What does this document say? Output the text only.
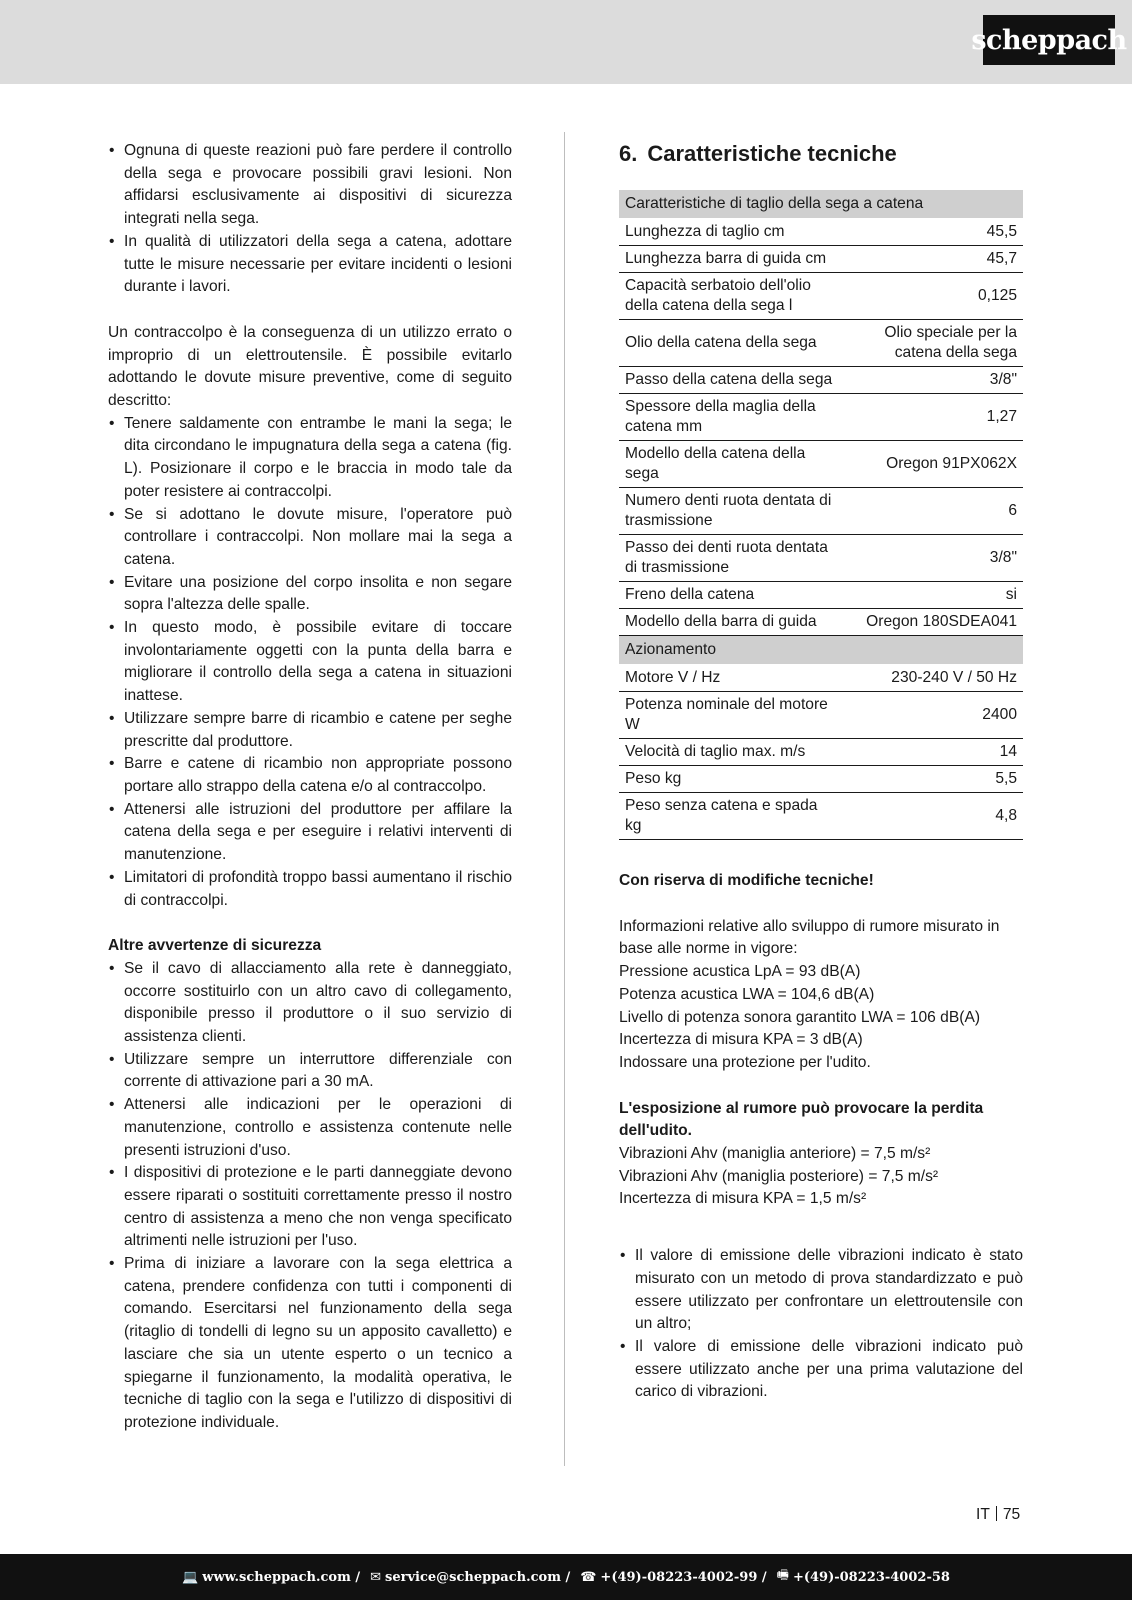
scheppach
• Ognuna di queste reazioni può fare perdere il controllo della sega e provocare possibili gravi lesioni. Non affidarsi esclusivamente ai dispositivi di sicurezza integrati nella sega.
• In qualità di utilizzatori della sega a catena, adottare tutte le misure necessarie per evitare incidenti o lesioni durante i lavori.

Un contraccolpo è la conseguenza di un utilizzo errato o improprio di un elettroutensile. È possibile evitarlo adottando le dovute misure preventive, come di seguito descritto:

• Tenere saldamente con entrambe le mani la sega; le dita circondano le impugnatura della sega a catena (fig. L). Posizionare il corpo e le braccia in modo tale da poter resistere ai contraccolpi.
• Se si adottano le dovute misure, l'operatore può controllare i contraccolpi. Non mollare mai la sega a catena.
• Evitare una posizione del corpo insolita e non segare sopra l'altezza delle spalle.
• In questo modo, è possibile evitare di toccare involontariamente oggetti con la punta della barra e migliorare il controllo della sega a catena in situazioni inattese.
• Utilizzare sempre barre di ricambio e catene per seghe prescritte dal produttore.
• Barre e catene di ricambio non appropriate possono portare allo strappo della catena e/o al contraccolpo.
• Attenersi alle istruzioni del produttore per affilare la catena della sega e per eseguire i relativi interventi di manutenzione.
• Limitatori di profondità troppo bassi aumentano il rischio di contraccolpi.
Altre avvertenze di sicurezza
• Se il cavo di allacciamento alla rete è danneggiato, occorre sostituirlo con un altro cavo di collegamento, disponibile presso il produttore o il suo servizio di assistenza clienti.
• Utilizzare sempre un interruttore differenziale con corrente di attivazione pari a 30 mA.
• Attenersi alle indicazioni per le operazioni di manutenzione, controllo e assistenza contenute nelle presenti istruzioni d'uso.
• I dispositivi di protezione e le parti danneggiate devono essere riparati o sostituiti correttamente presso il nostro centro di assistenza a meno che non venga specificato altrimenti nelle istruzioni per l'uso.
• Prima di iniziare a lavorare con la sega elettrica a catena, prendere confidenza con tutti i componenti di comando. Esercitarsi nel funzionamento della sega (ritaglio di tondelli di legno su un apposito cavalletto) e lasciare che sia un utente esperto o un tecnico a spiegarne il funzionamento, la modalità operativa, le tecniche di taglio con la sega e l'utilizzo di dispositivi di protezione individuale.
6. Caratteristiche tecniche
Caratteristiche di taglio della sega a catena	
Lunghezza di taglio cm	45,5
Lunghezza barra di guida cm	45,7
Capacità serbatoio dell'olio della catena della sega l	0,125
Olio della catena della sega	Olio speciale per la catena della sega
Passo della catena della sega	3/8"
Spessore della maglia della catena mm	1,27
Modello della catena della sega	Oregon 91PX062X
Numero denti ruota dentata di trasmissione	6
Passo dei denti ruota dentata di trasmissione	3/8"
Freno della catena	si
Modello della barra di guida	Oregon 180SDEA041
Azionamento	
Motore V / Hz	230-240 V / 50 Hz
Potenza nominale del motore W	2400
Velocità di taglio max. m/s	14
Peso kg	5,5
Peso senza catena e spada kg	4,8

Con riserva di modifiche tecniche!

Informazioni relative allo sviluppo di rumore misurato in base alle norme in vigore:

Pressione acustica LpA = 93 dB(A)

Potenza acustica LWA = 104,6 dB(A)

Livello di potenza sonora garantito LWA = 106 dB(A)

Incertezza di misura KPA = 3 dB(A)

Indossare una protezione per l'udito.

L'esposizione al rumore può provocare la perdita dell'udito.

Vibrazioni Ahv (maniglia anteriore) = 7,5 m/s²

Vibrazioni Ahv (maniglia posteriore) = 7,5 m/s²

Incertezza di misura KPA = 1,5 m/s²

• Il valore di emissione delle vibrazioni indicato è stato misurato con un metodo di prova standardizzato e può essere utilizzato per confrontare un elettroutensile con un altro;
• Il valore di emissione delle vibrazioni indicato può essere utilizzato anche per una prima valutazione del carico di vibrazioni.
IT 75
💻 www.scheppach.com / ✉ service@scheppach.com / ☎ +(49)-08223-4002-99 / 🖷 +(49)-08223-4002-58
